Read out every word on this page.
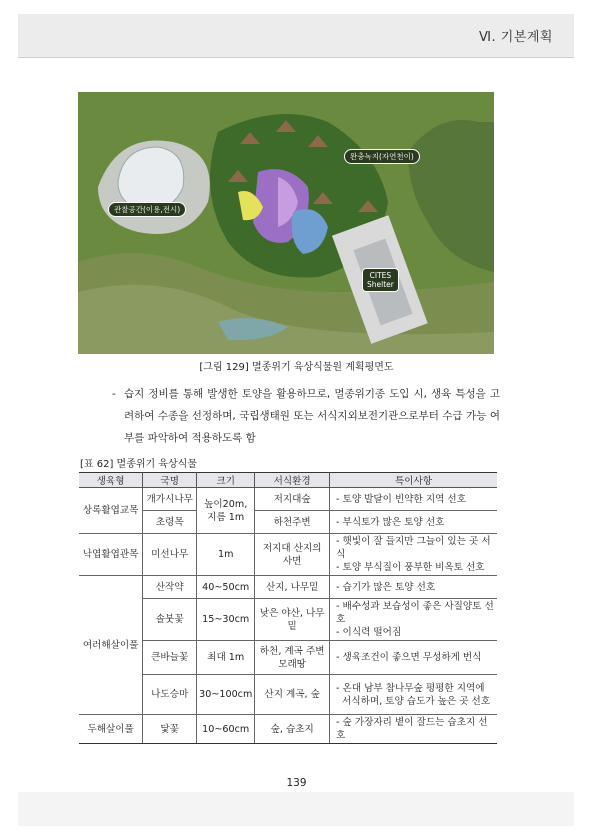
Ⅵ. 기본계획
완충녹지(자연천이)
관찰공간(이용,전시)
CITES
Shelter
[그림 129] 멸종위기 육상식물원 계획평면도
- 습지 정비를 통해 발생한 토양을 활용하므로, 멸종위기종 도입 시, 생육 특성을 고려하여 수종을 선정하며, 국립생태원 또는 서식지외보전기관으로부터 수급 가능 여부를 파악하여 적용하도록 함
[표 62] 멸종위기 육상식물
생육형	국명	크기	서식환경	특이사항
상록활엽교목	개가시나무	높이20m, 지름 1m	저지대숲	- 토양 발달이 빈약한 지역 선호
	초령목		하천주변	- 부식토가 많은 토양 선호
낙엽활엽관목	미선나무	1m	저지대 산지의 사면	- 햇빛이 잘 들지만 그늘이 있는 곳 서식
- 토양 부식질이 풍부한 비옥토 선호

여러해살이풀	산작약	40~50cm	산지, 나무밑	- 습기가 많은 토양 선호
	솔붓꽃	15~30cm	낮은 야산, 나무밑	- 배수성과 보습성이 좋은 사질양토 선호
- 이식력 떨어짐

	큰바늘꽃	최대 1m	하천, 계곡 주변 모래땅	- 생육조건이 좋으면 무성하게 번식
	나도승마	30~100cm	산지 계곡, 숲	- 온대 남부 참나무숲 평평한 지역에
서식하며, 토양 습도가 높은 곳 선호

두해살이풀	닻꽃	10~60cm	숲, 습초지	- 숲 가장자리 볕이 잘드는 습초지 선호
139
